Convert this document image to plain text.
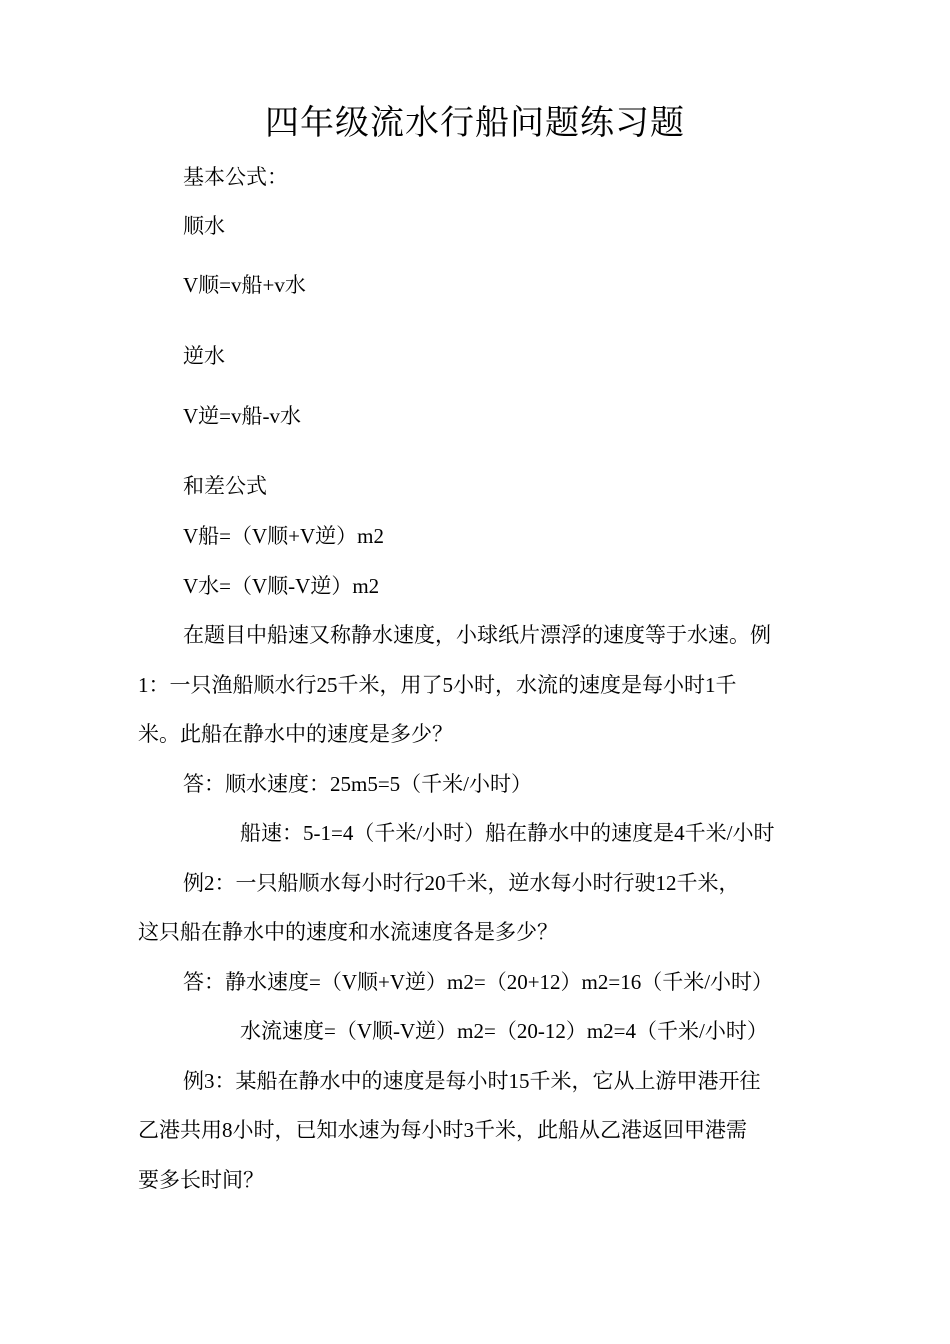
四年级流水行船问题练习题
基本公式：
顺水
V顺=v船+v水
逆水
V逆=v船-v水
和差公式
V船=（V顺+V逆）m2
V水=（V顺-V逆）m2
在题目中船速又称静水速度，小球纸片漂浮的速度等于水速。例
1：一只渔船顺水行25千米，用了5小时，水流的速度是每小时1千
米。此船在静水中的速度是多少？
答：顺水速度：25m5=5（千米/小时）
船速：5-1=4（千米/小时）船在静水中的速度是4千米/小时
例2：一只船顺水每小时行20千米，逆水每小时行驶12千米，
这只船在静水中的速度和水流速度各是多少？
答：静水速度=（V顺+V逆）m2=（20+12）m2=16（千米/小时）
水流速度=（V顺-V逆）m2=（20-12）m2=4（千米/小时）
例3：某船在静水中的速度是每小时15千米，它从上游甲港开往
乙港共用8小时，已知水速为每小时3千米，此船从乙港返回甲港需
要多长时间？
